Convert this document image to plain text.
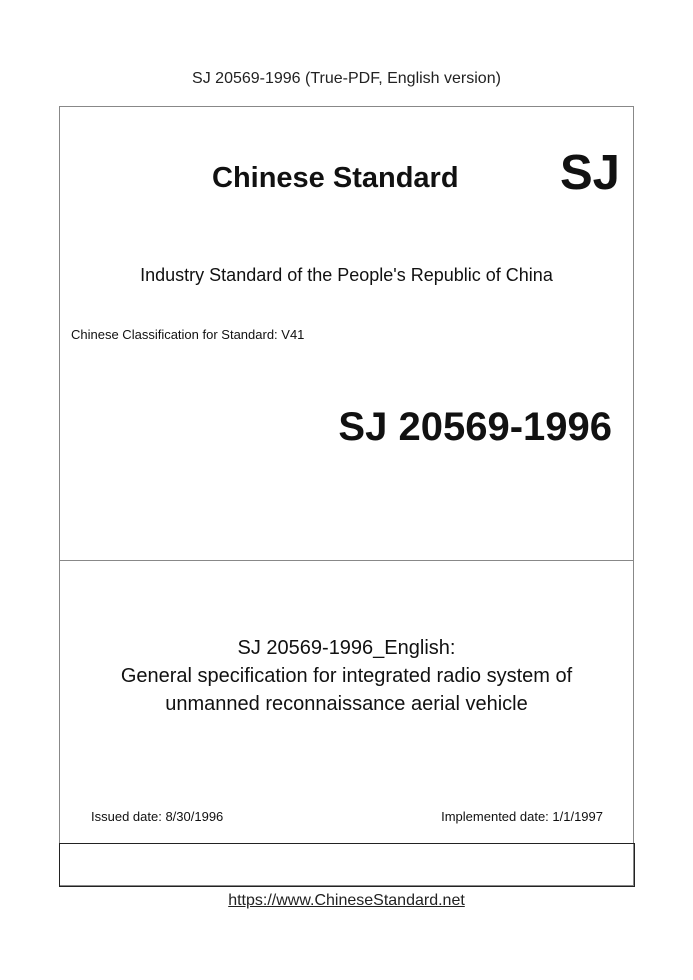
SJ 20569-1996 (True-PDF, English version)
Chinese Standard SJ
Industry Standard of the People's Republic of China
Chinese Classification for Standard: V41
SJ 20569-1996
SJ 20569-1996_English:
General specification for integrated radio system of
unmanned reconnaissance aerial vehicle
Issued date: 8/30/1996	Implemented date: 1/1/1997
https://www.ChineseStandard.net
